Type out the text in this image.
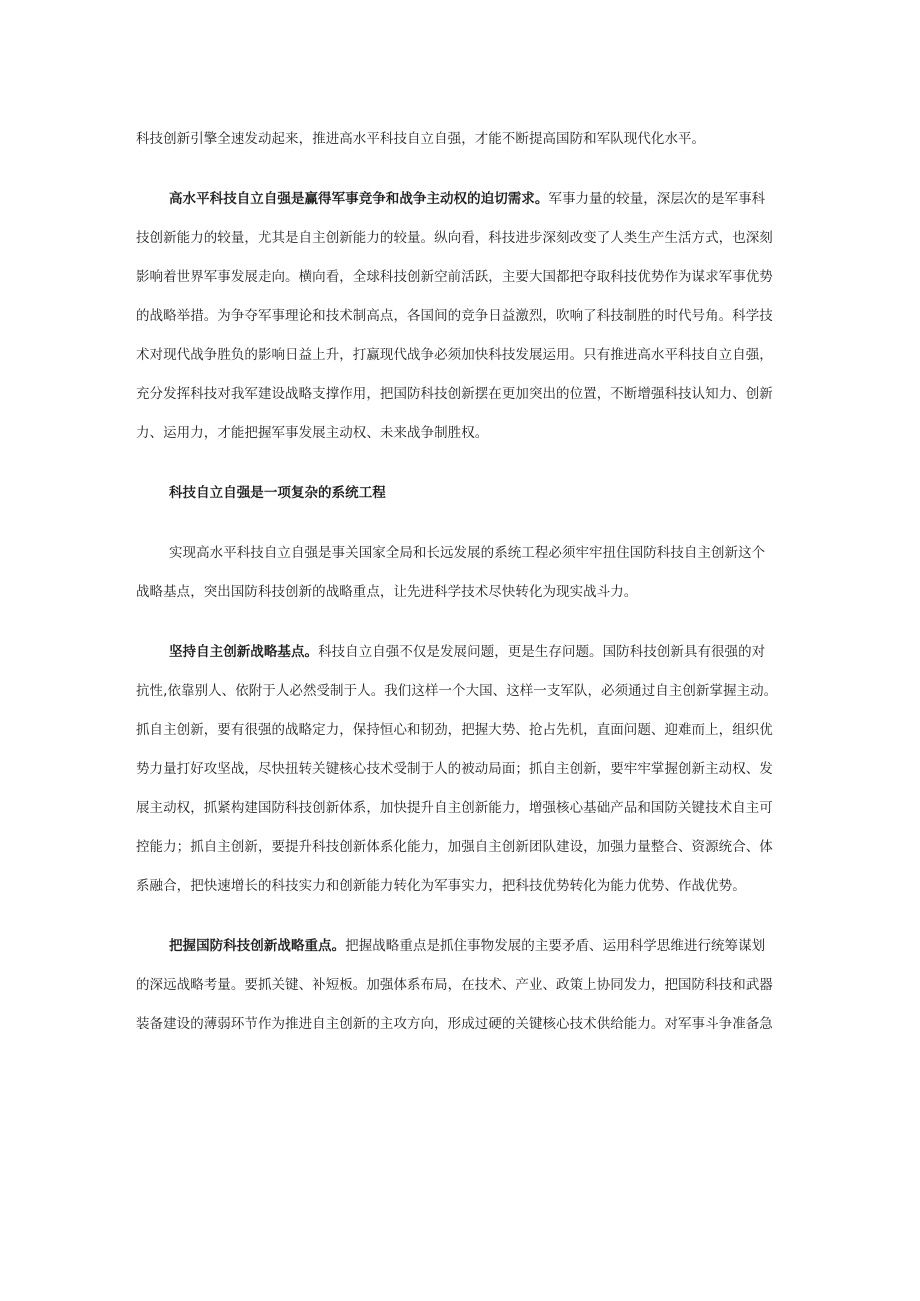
科技创新引擎全速发动起来，推进高水平科技自立自强，才能不断提高国防和军队现代化水平。
高水平科技自立自强是赢得军事竞争和战争主动权的迫切需求。军事力量的较量，深层次的是军事科
技创新能力的较量，尤其是自主创新能力的较量。纵向看，科技进步深刻改变了人类生产生活方式，也深刻
影响着世界军事发展走向。横向看，全球科技创新空前活跃，主要大国都把夺取科技优势作为谋求军事优势
的战略举措。为争夺军事理论和技术制高点，各国间的竞争日益激烈，吹响了科技制胜的时代号角。科学技
术对现代战争胜负的影响日益上升，打赢现代战争必须加快科技发展运用。只有推进高水平科技自立自强，
充分发挥科技对我军建设战略支撑作用，把国防科技创新摆在更加突出的位置，不断增强科技认知力、创新
力、运用力，才能把握军事发展主动权、未来战争制胜权。
科技自立自强是一项复杂的系统工程
实现高水平科技自立自强是事关国家全局和长远发展的系统工程必须牢牢扭住国防科技自主创新这个
战略基点，突出国防科技创新的战略重点，让先进科学技术尽快转化为现实战斗力。
坚持自主创新战略基点。科技自立自强不仅是发展问题，更是生存问题。国防科技创新具有很强的对
抗性,依靠别人、依附于人必然受制于人。我们这样一个大国、这样一支军队，必须通过自主创新掌握主动。
抓自主创新，要有很强的战略定力，保持恒心和韧劲，把握大势、抢占先机，直面问题、迎难而上，组织优
势力量打好攻坚战，尽快扭转关键核心技术受制于人的被动局面；抓自主创新，要牢牢掌握创新主动权、发
展主动权，抓紧构建国防科技创新体系，加快提升自主创新能力，增强核心基础产品和国防关键技术自主可
控能力；抓自主创新，要提升科技创新体系化能力，加强自主创新团队建设，加强力量整合、资源统合、体
系融合，把快速增长的科技实力和创新能力转化为军事实力，把科技优势转化为能力优势、作战优势。
把握国防科技创新战略重点。把握战略重点是抓住事物发展的主要矛盾、运用科学思维进行统筹谋划
的深远战略考量。要抓关键、补短板。加强体系布局，在技术、产业、政策上协同发力，把国防科技和武器
装备建设的薄弱环节作为推进自主创新的主攻方向，形成过硬的关键核心技术供给能力。对军事斗争准备急
